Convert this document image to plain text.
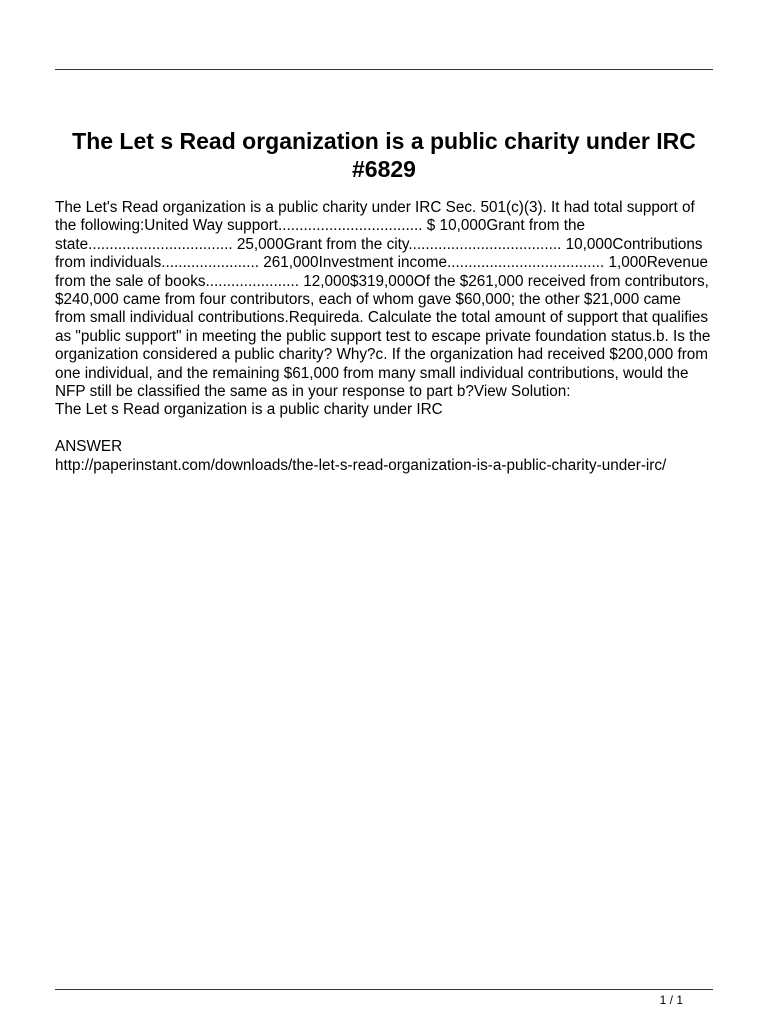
The Let s Read organization is a public charity under IRC #6829

The Let's Read organization is a public charity under IRC Sec. 501(c)(3). It had total support of the following:United Way support.................................. $ 10,000Grant from the state.................................. 25,000Grant from the city.................................... 10,000Contributions from individuals....................... 261,000Investment income..................................... 1,000Revenue from the sale of books...................... 12,000$319,000Of the $261,000 received from contributors, $240,000 came from four contributors, each of whom gave $60,000; the other $21,000 came from small individual contributions.Requireda. Calculate the total amount of support that qualifies as "public support" in meeting the public support test to escape private foundation status.b. Is the organization considered a public charity? Why?c. If the organization had received $200,000 from one individual, and the remaining $61,000 from many small individual contributions, would the NFP still be classified the same as in your response to part b?View Solution:

The Let s Read organization is a public charity under IRC

ANSWER

http://paperinstant.com/downloads/the-let-s-read-organization-is-a-public-charity-under-irc/

1 / 1
